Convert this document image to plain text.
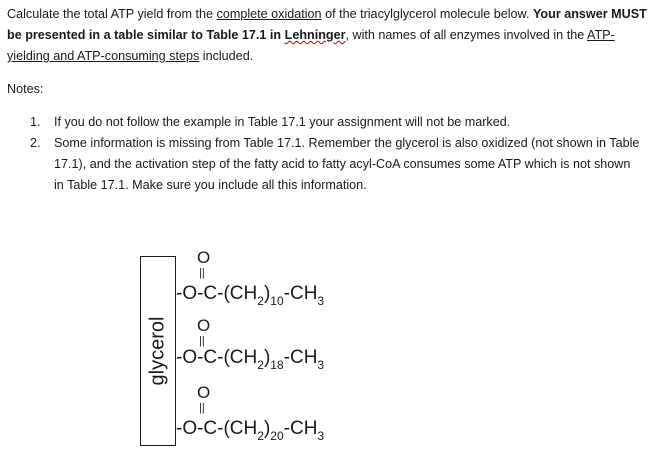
Calculate the total ATP yield from the complete oxidation of the triacylglycerol molecule below. Your answer MUST be presented in a table similar to Table 17.1 in Lehninger, with names of all enzymes involved in the ATP-yielding and ATP-consuming steps included.
Notes:
1.	If you do not follow the example in Table 17.1 your assignment will not be marked.
2.	Some information is missing from Table 17.1. Remember the glycerol is also oxidized (not shown in Table 17.1), and the activation step of the fatty acid to fatty acyl-CoA consumes some ATP which is not shown in Table 17.1. Make sure you include all this information.
glycerol
O
||
$-O-C-(CH_2)_{10}-CH_3$
O
||
$-O-C-(CH_2)_{18}-CH_3$
O
||
$-O-C-(CH_2)_{20}-CH_3$
